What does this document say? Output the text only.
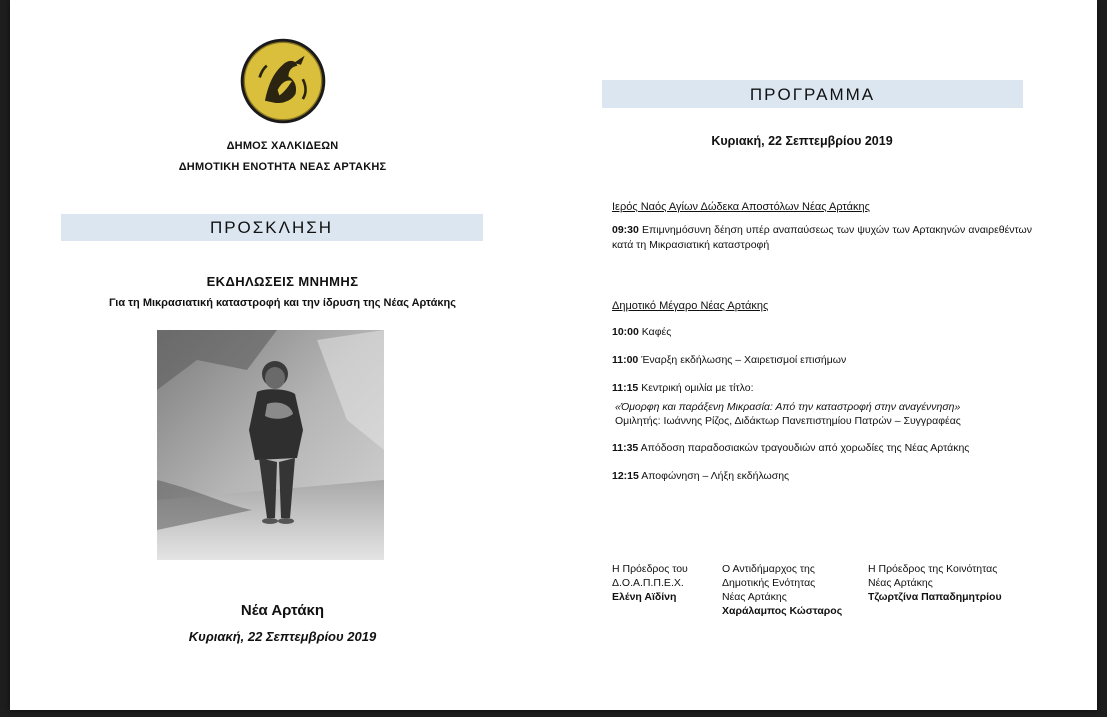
ΔΗΜΟΣ ΧΑΛΚΙΔΕΩΝ
ΔΗΜΟΤΙΚΗ ΕΝΟΤΗΤΑ ΝΕΑΣ ΑΡΤΑΚΗΣ
ΠΡΟΣΚΛΗΣΗ
ΕΚΔΗΛΩΣΕΙΣ ΜΝΗΜΗΣ
Για τη Μικρασιατική καταστροφή και την ίδρυση της Νέας Αρτάκης
Νέα Αρτάκη
Κυριακή, 22 Σεπτεμβρίου 2019
ΠΡΟΓΡΑΜΜΑ
Κυριακή, 22 Σεπτεμβρίου 2019
Ιερός Ναός Αγίων Δώδεκα Αποστόλων Νέας Αρτάκης
09:30 Επιμνημόσυνη δέηση υπέρ αναπαύσεως των ψυχών των Αρτακηνών αναιρεθέντων κατά τη Μικρασιατική καταστροφή
Δημοτικό Μέγαρο Νέας Αρτάκης
10:00 Καφές
11:00 Έναρξη εκδήλωσης – Χαιρετισμοί επισήμων
11:15 Κεντρική ομιλία με τίτλο:
«Όμορφη και παράξενη Μικρασία: Από την καταστροφή στην αναγέννηση»
Ομιλητής: Ιωάννης Ρίζος, Διδάκτωρ Πανεπιστημίου Πατρών – Συγγραφέας
11:35 Απόδοση παραδοσιακών τραγουδιών από χορωδίες της Νέας Αρτάκης
12:15 Αποφώνηση – Λήξη εκδήλωσης
Η Πρόεδρος του
Δ.Ο.Α.Π.Π.Ε.Χ.
Ελένη Αϊδίνη
Ο Αντιδήμαρχος της
Δημοτικής Ενότητας
Νέας Αρτάκης
Χαράλαμπος Κώσταρος
Η Πρόεδρος της Κοινότητας
Νέας Αρτάκης
Τζωρτζίνα Παπαδημητρίου
